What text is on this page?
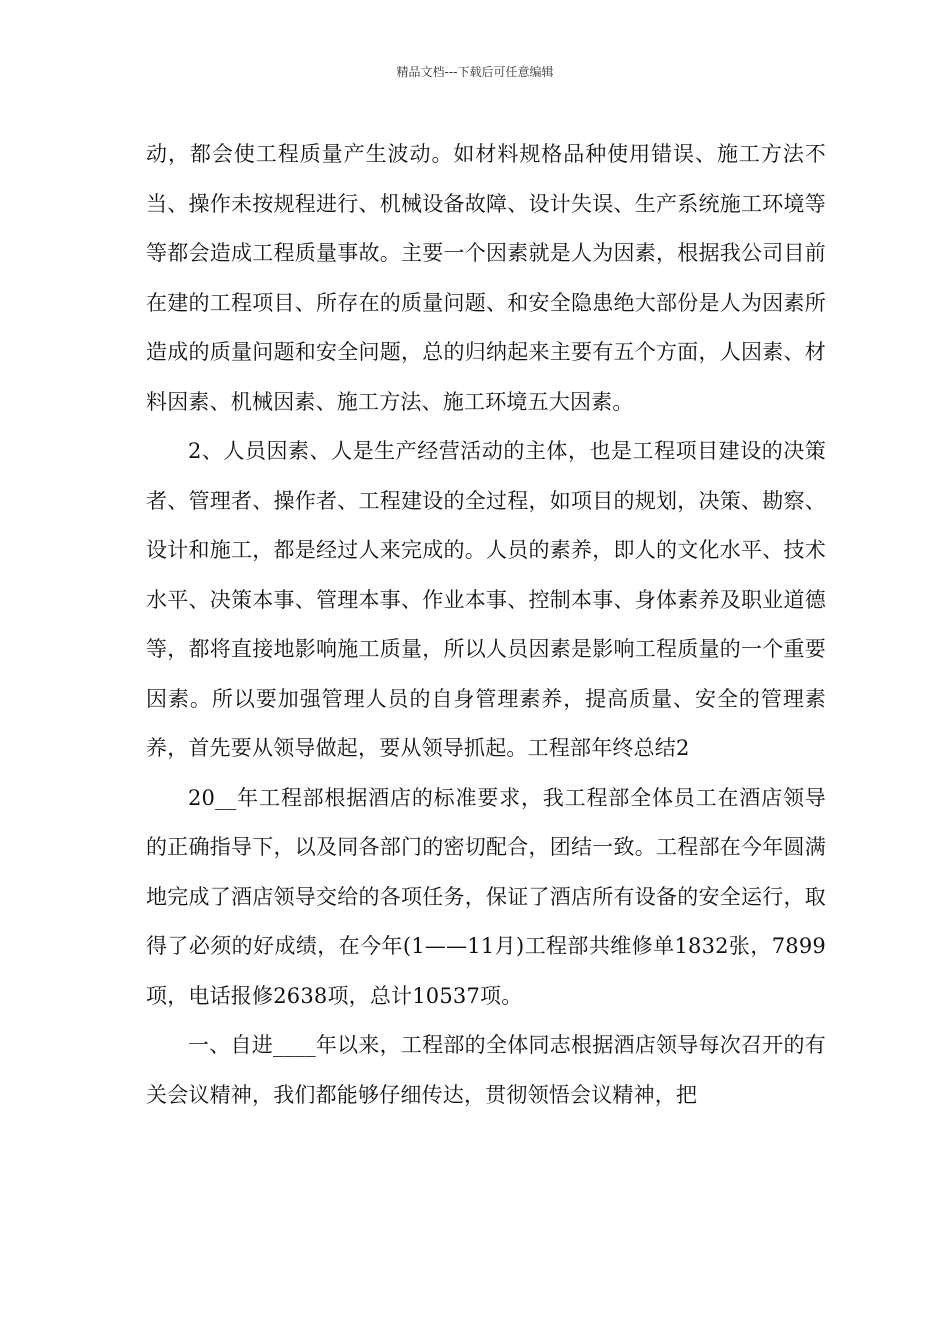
精品文档---下载后可任意编辑

动，都会使工程质量产生波动。如材料规格品种使用错误、施工方法不当、操作未按规程进行、机械设备故障、设计失误、生产系统施工环境等等都会造成工程质量事故。主要一个因素就是人为因素，根据我公司目前在建的工程项目、所存在的质量问题、和安全隐患绝大部份是人为因素所造成的质量问题和安全问题，总的归纳起来主要有五个方面，人因素、材料因素、机械因素、施工方法、施工环境五大因素。

2、人员因素、人是生产经营活动的主体，也是工程项目建设的决策者、管理者、操作者、工程建设的全过程，如项目的规划，决策、勘察、设计和施工，都是经过人来完成的。人员的素养，即人的文化水平、技术水平、决策本事、管理本事、作业本事、控制本事、身体素养及职业道德等，都将直接地影响施工质量，所以人员因素是影响工程质量的一个重要因素。所以要加强管理人员的自身管理素养，提高质量、安全的管理素养，首先要从领导做起，要从领导抓起。工程部年终总结2

20__年工程部根据酒店的标准要求，我工程部全体员工在酒店领导的正确指导下，以及同各部门的密切配合，团结一致。工程部在今年圆满地完成了酒店领导交给的各项任务，保证了酒店所有设备的安全运行，取得了必须的好成绩，在今年(1——11月)工程部共维修单1832张，7899项，电话报修2638项，总计10537项。

一、自进____年以来，工程部的全体同志根据酒店领导每次召开的有关会议精神，我们都能够仔细传达，贯彻领悟会议精神，把
